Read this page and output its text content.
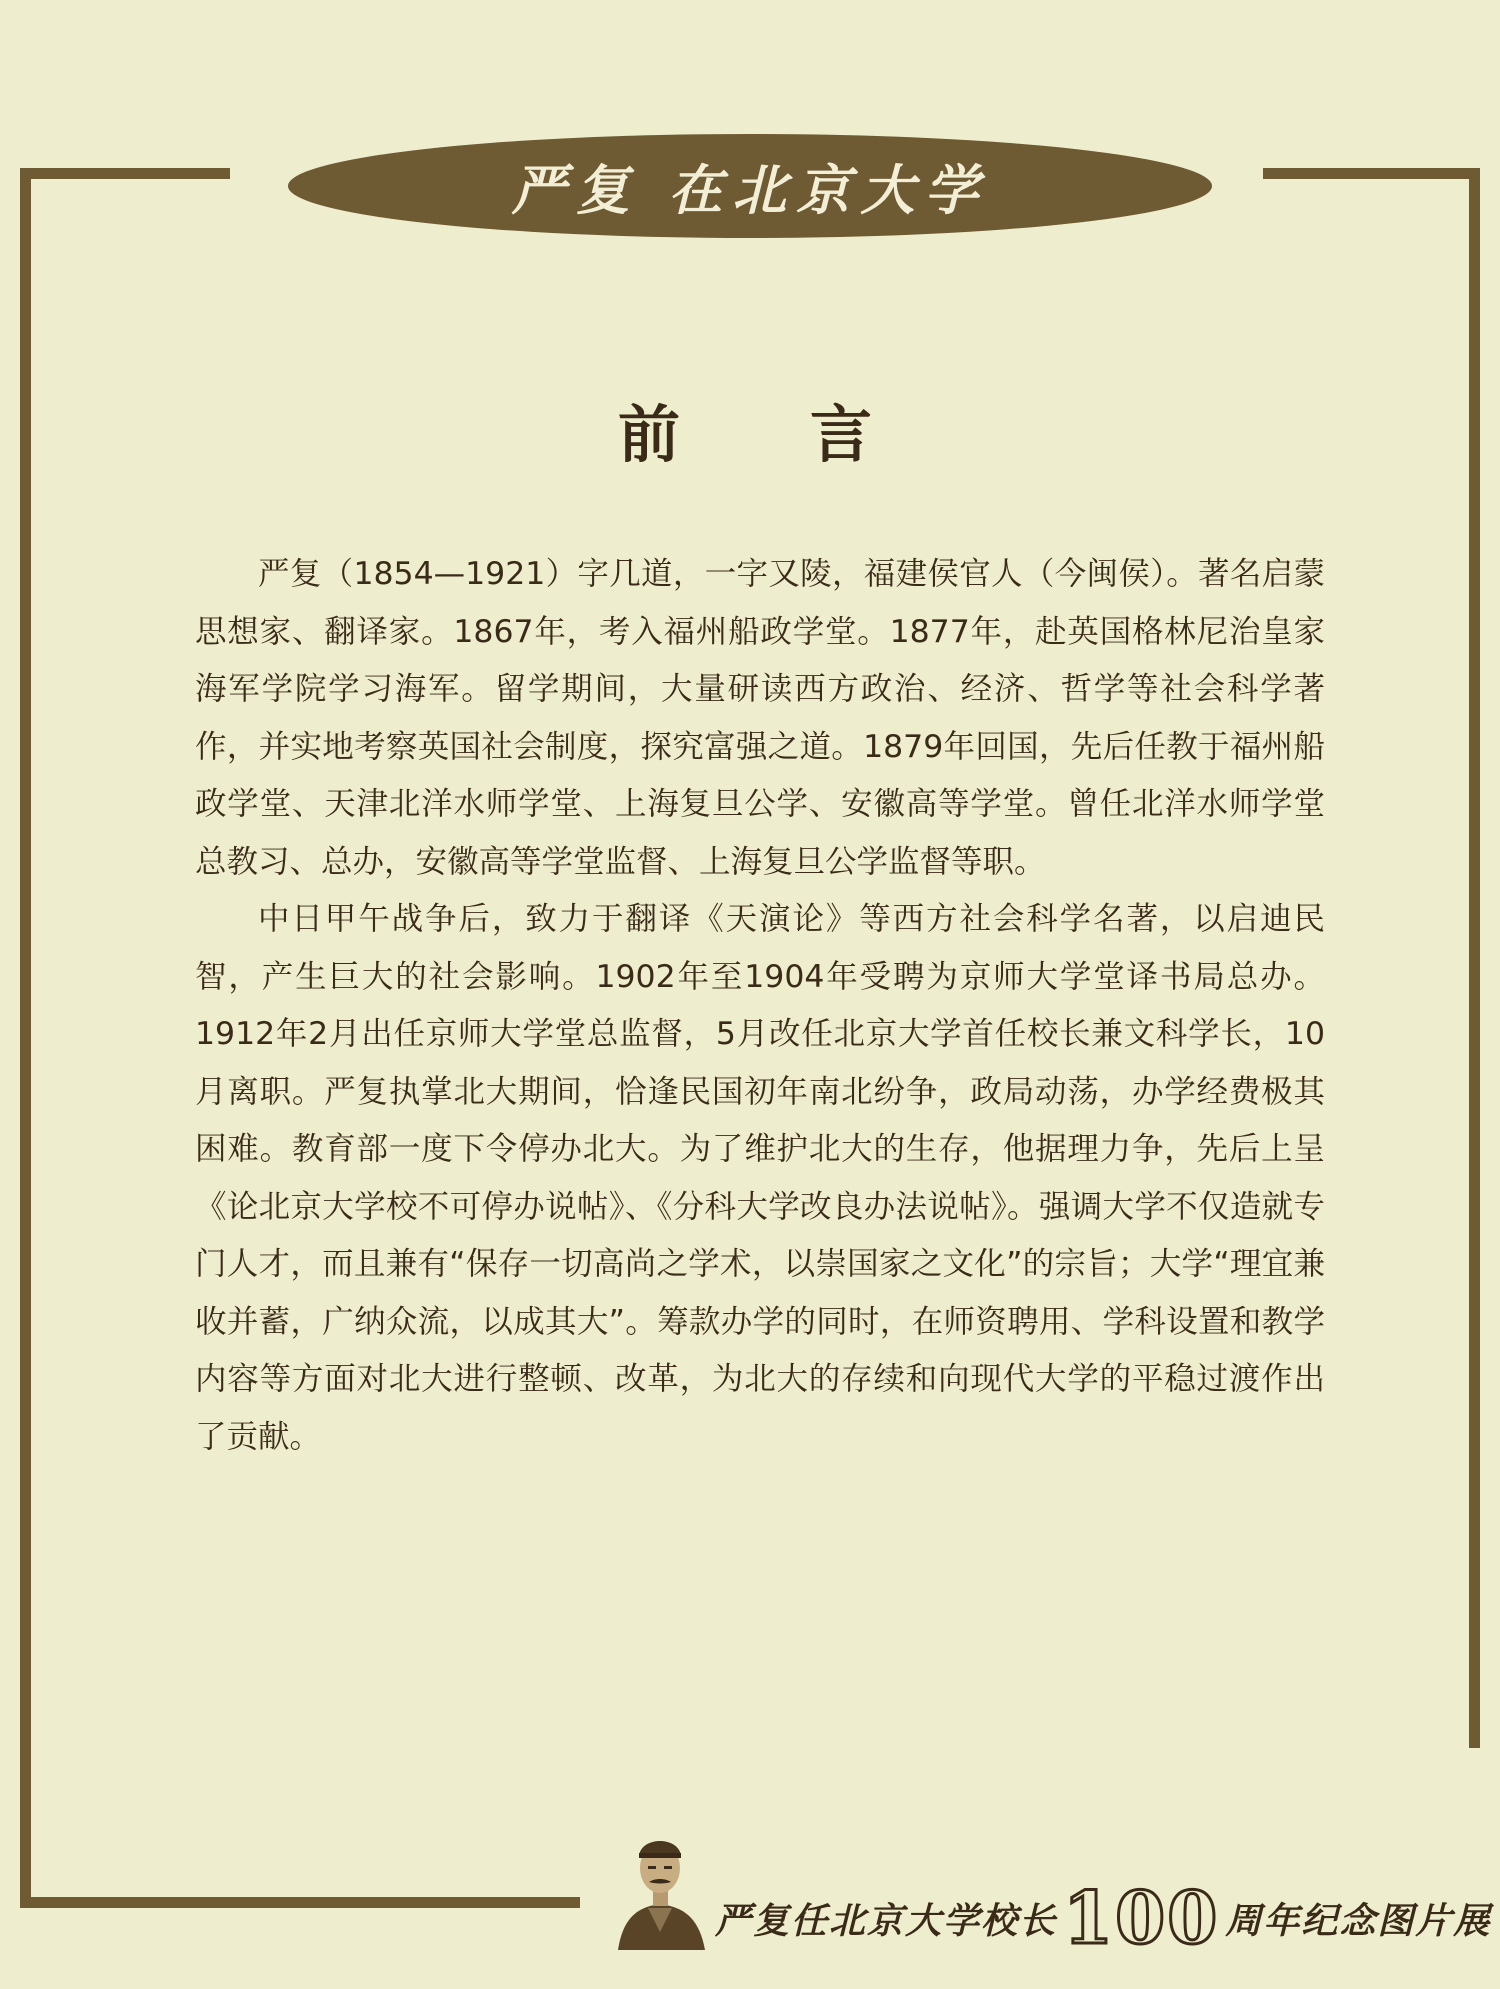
严复 在北京大学
前 言

严复（1854—1921）字几道，一字又陵，福建侯官人（今闽侯）。著名启蒙思想家、翻译家。1867年，考入福州船政学堂。1877年，赴英国格林尼治皇家海军学院学习海军。留学期间，大量研读西方政治、经济、哲学等社会科学著作，并实地考察英国社会制度，探究富强之道。1879年回国，先后任教于福州船政学堂、天津北洋水师学堂、上海复旦公学、安徽高等学堂。曾任北洋水师学堂总教习、总办，安徽高等学堂监督、上海复旦公学监督等职。

中日甲午战争后，致力于翻译《天演论》等西方社会科学名著，以启迪民智，产生巨大的社会影响。1902年至1904年受聘为京师大学堂译书局总办。1912年2月出任京师大学堂总监督，5月改任北京大学首任校长兼文科学长，10月离职。严复执掌北大期间，恰逢民国初年南北纷争，政局动荡，办学经费极其困难。教育部一度下令停办北大。为了维护北大的生存，他据理力争，先后上呈《论北京大学校不可停办说帖》、《分科大学改良办法说帖》。强调大学不仅造就专门人才，而且兼有“保存一切高尚之学术，以崇国家之文化”的宗旨；大学“理宜兼收并蓄，广纳众流，以成其大”。筹款办学的同时，在师资聘用、学科设置和教学内容等方面对北大进行整顿、改革，为北大的存续和向现代大学的平稳过渡作出了贡献。

严复任北京大学校长 100 周年纪念图片展
